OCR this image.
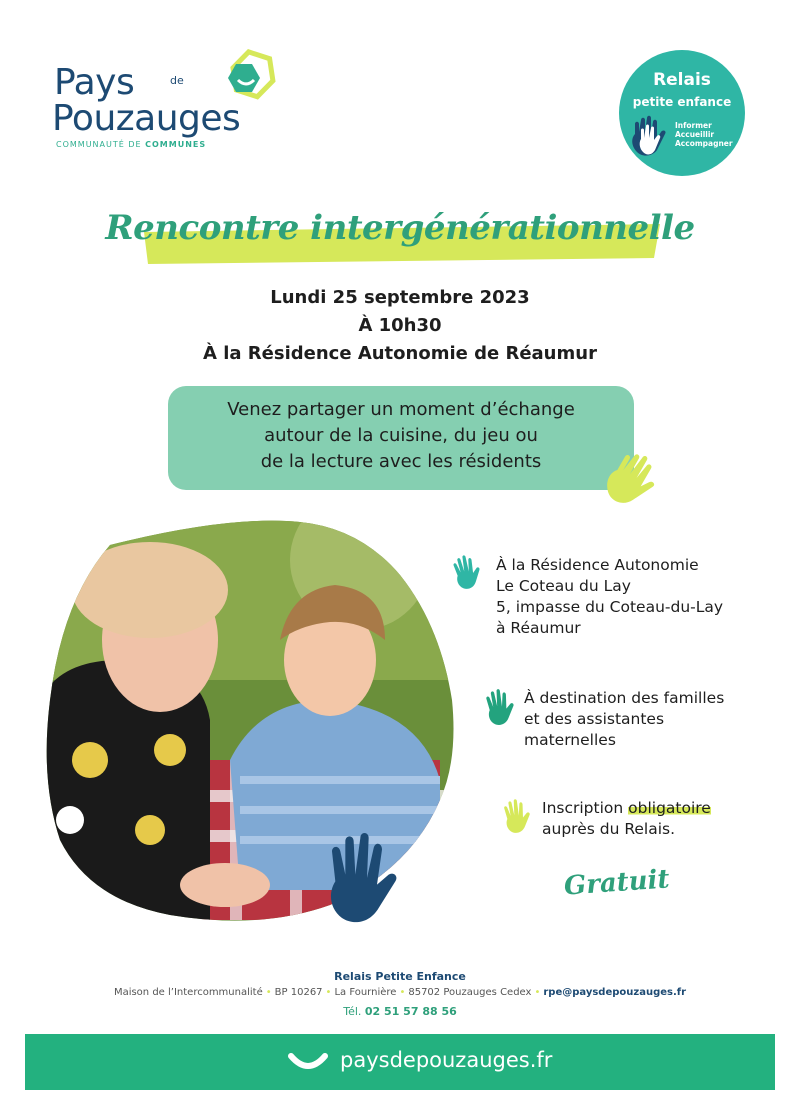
Pays	de
Pouzauges
COMMUNAUTÉ DE COMMUNES
Relais
petite enfance
Informer
Accueillir
Accompagner
Rencontre intergénérationnelle
Lundi 25 septembre 2023
À 10h30
À la Résidence Autonomie de Réaumur
Venez partager un moment d’échange
autour de la cuisine, du jeu ou
de la lecture avec les résidents
À la Résidence Autonomie
Le Coteau du Lay
5, impasse du Coteau-du-Lay
à Réaumur
À destination des familles
et des assistantes
maternelles
Inscription obligatoire
auprès du Relais.
Gratuit
Relais Petite Enfance
Maison de l’Intercommunalité • BP 10267 • La Fournière • 85702 Pouzauges Cedex • rpe@paysdepouzauges.fr
Tél. 02 51 57 88 56
paysdepouzauges.fr
